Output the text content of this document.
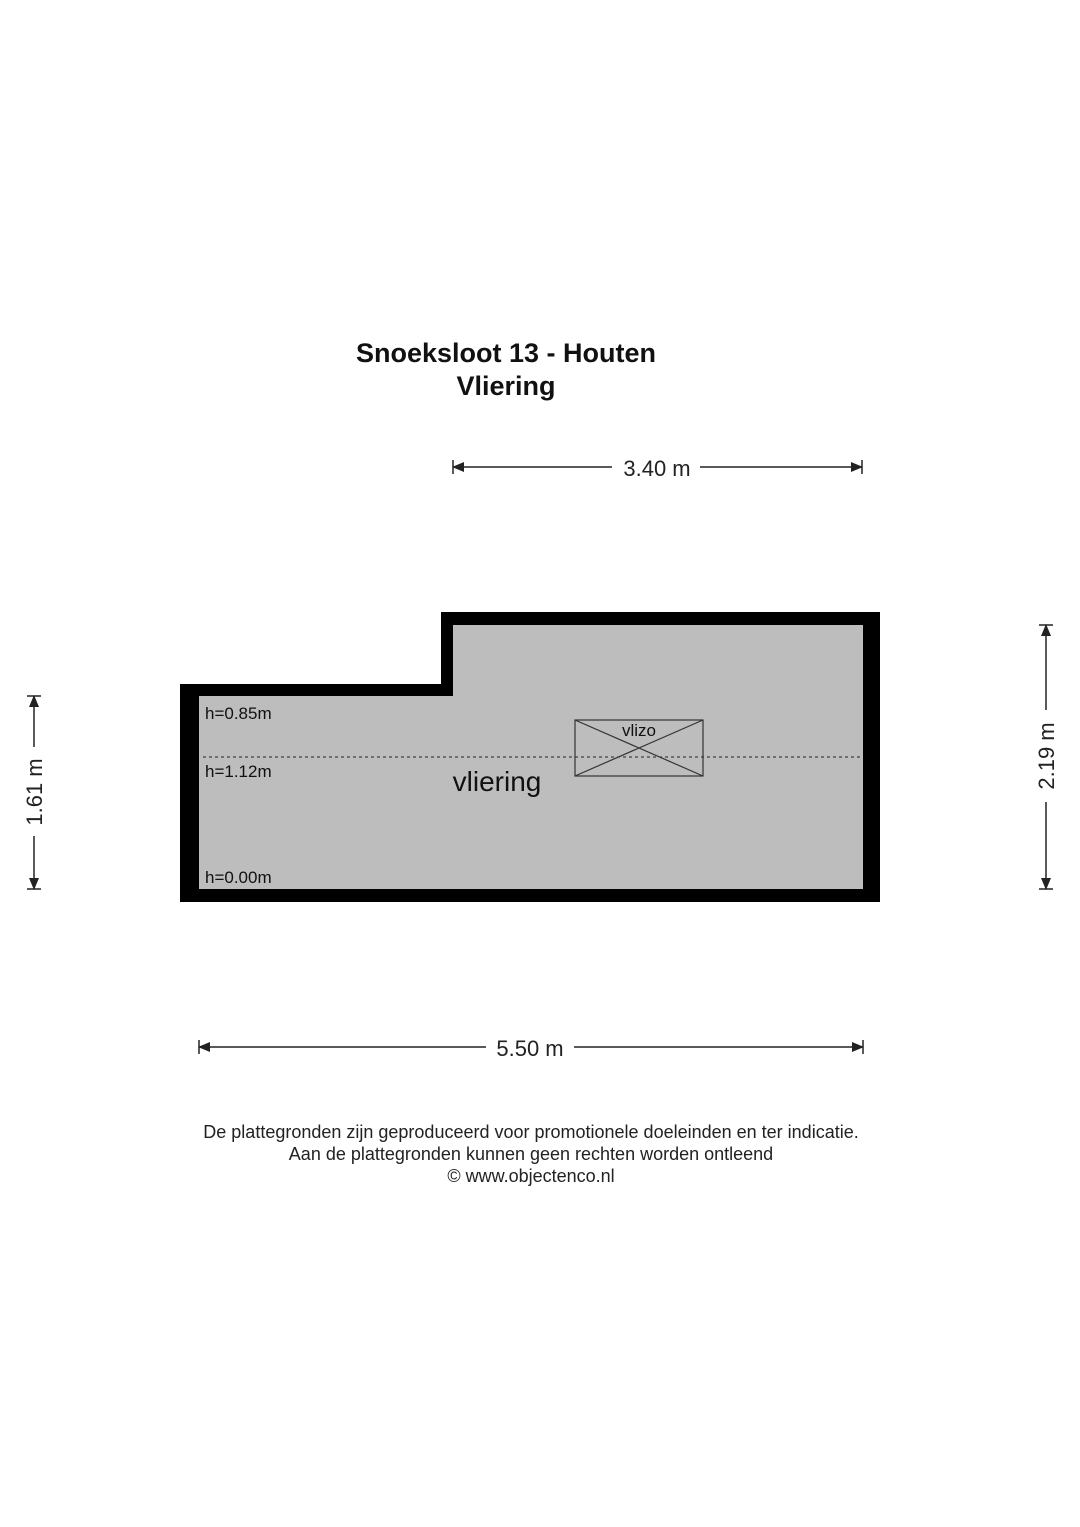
Snoeksloot 13 - Houten
Vliering
3.40 m
vlizo
h=0.85m
h=1.12m
h=0.00m
vliering
1.61 m
2.19 m
5.50 m
De plattegronden zijn geproduceerd voor promotionele doeleinden en ter indicatie.
Aan de plattegronden kunnen geen rechten worden ontleend
© www.objectenco.nl
